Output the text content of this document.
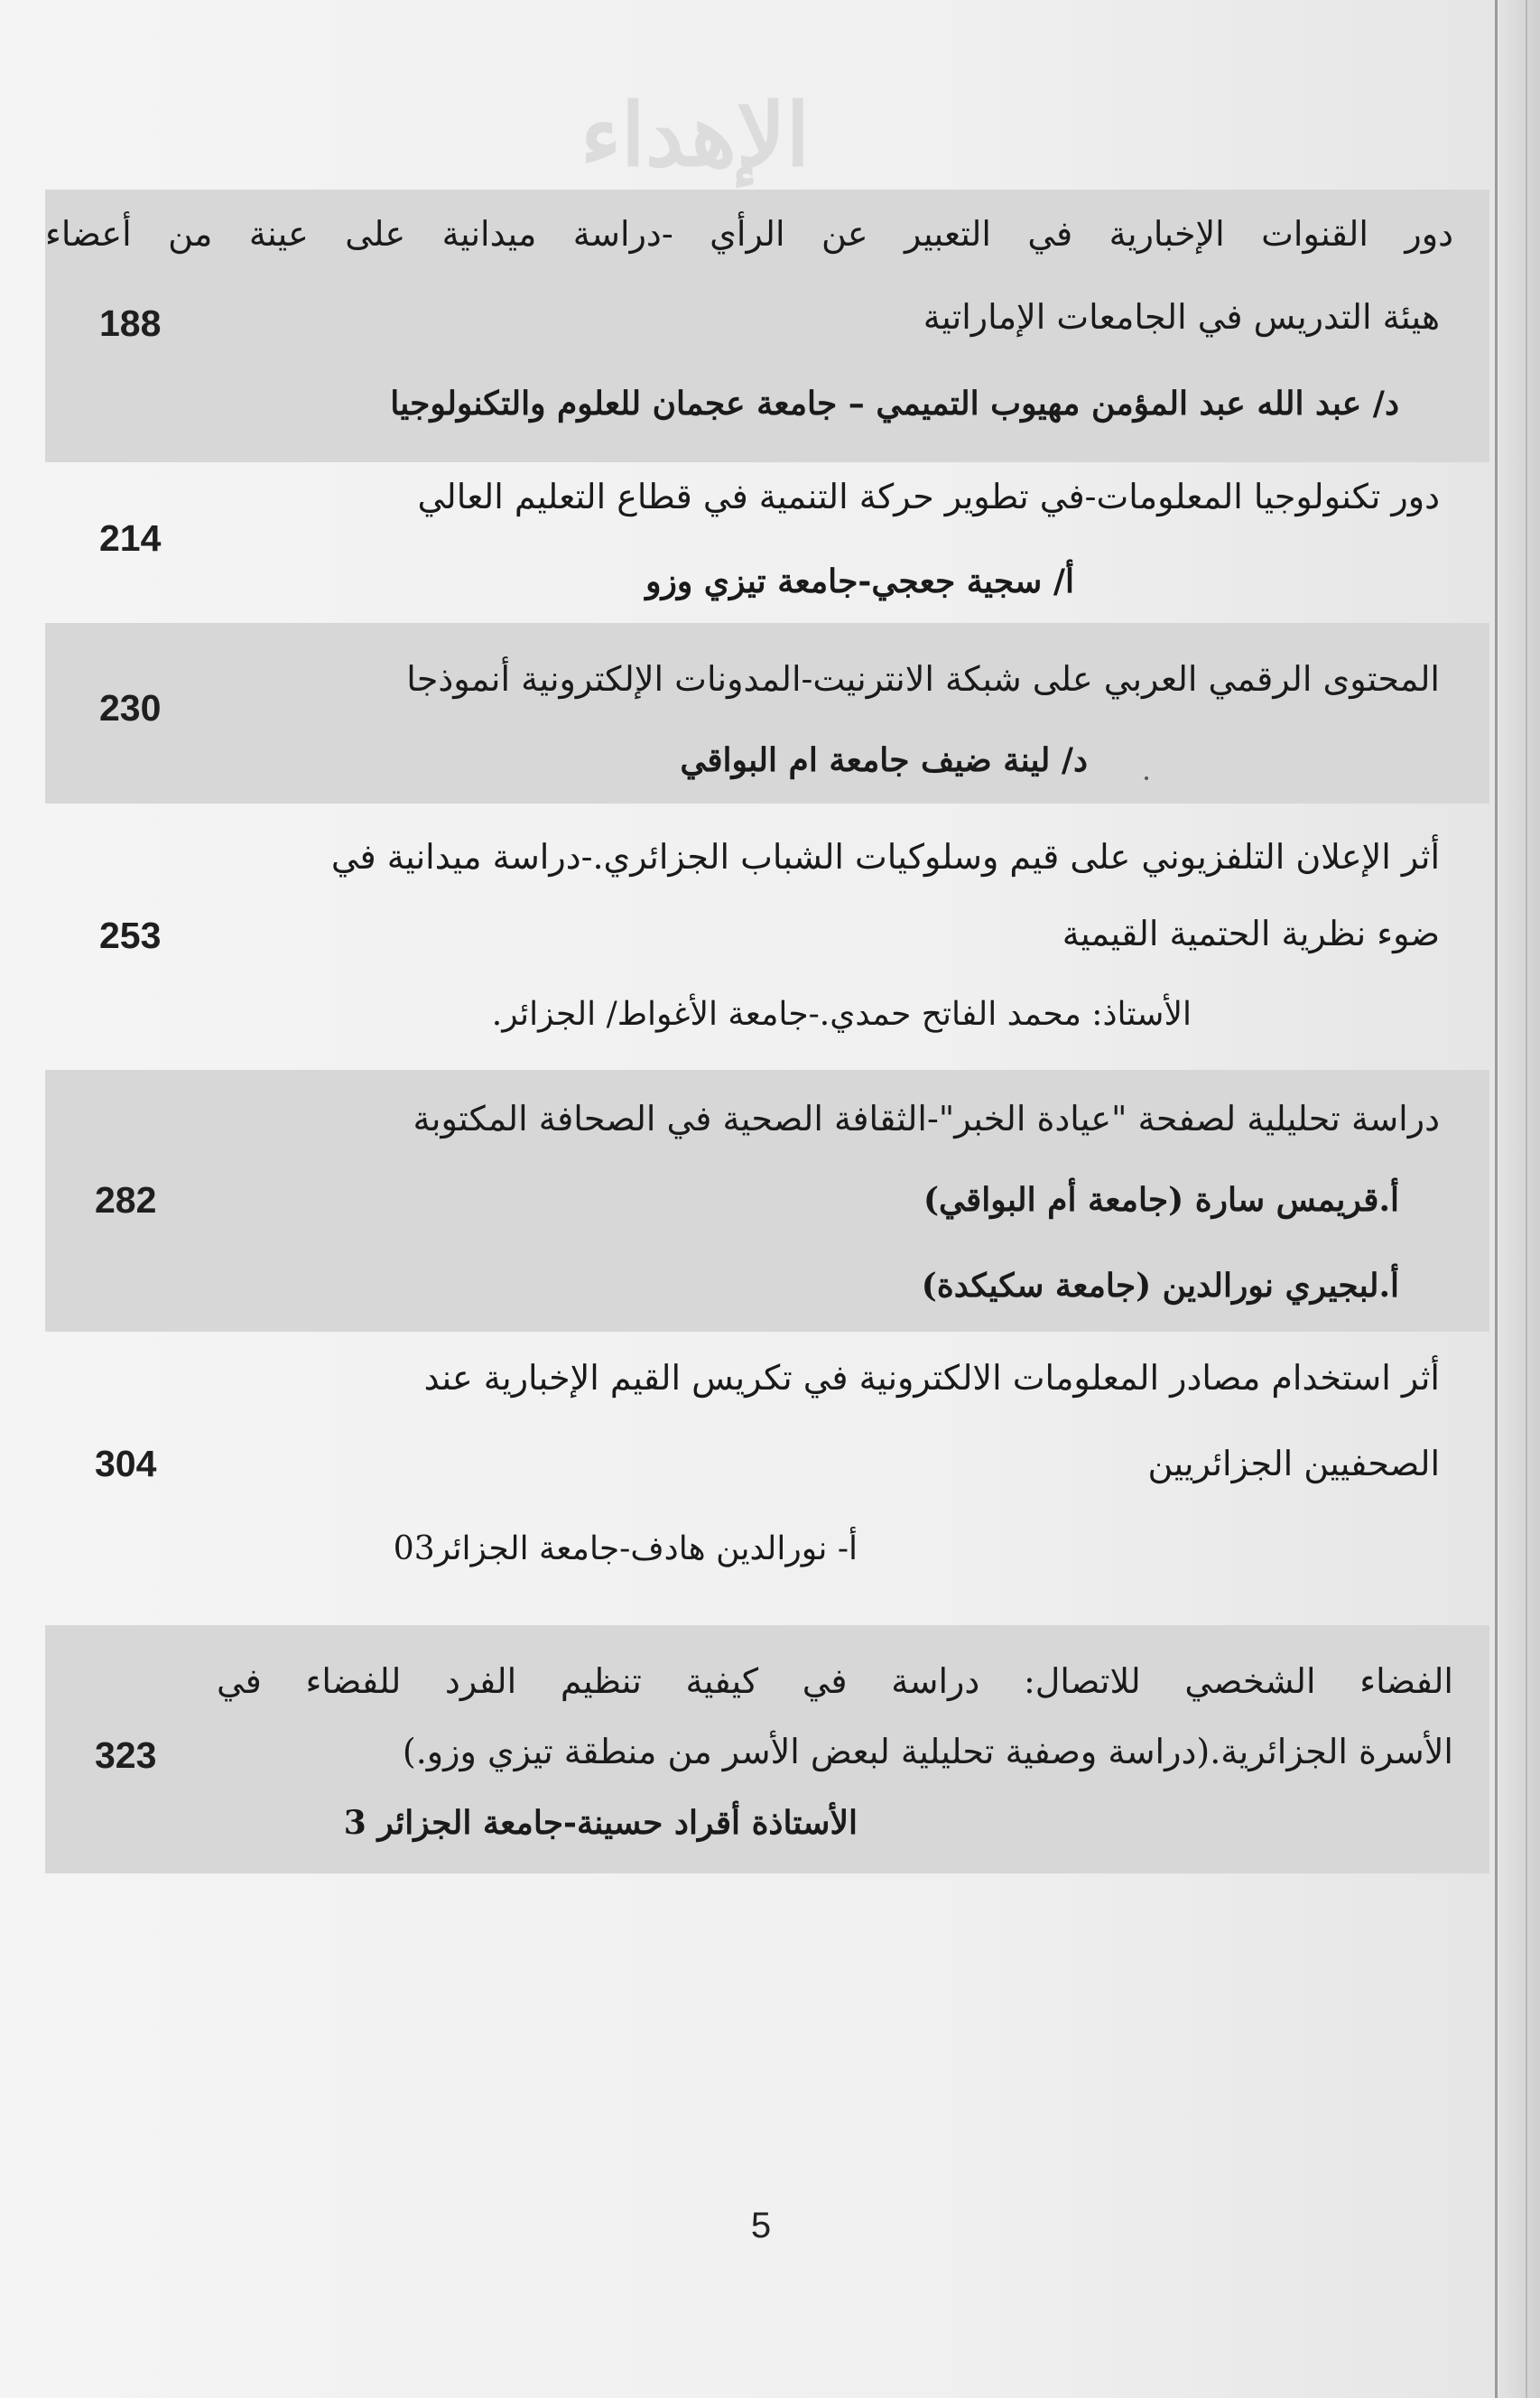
الإهداء
دور القنوات الإخبارية في التعبير عن الرأي -دراسة ميدانية على عينة من أعضاء
هيئة التدريس في الجامعات الإماراتية
188
د/ عبد الله عبد المؤمن مهيوب التميمي – جامعة عجمان للعلوم والتكنولوجيا
دور تكنولوجيا المعلومات-في تطوير حركة التنمية في قطاع التعليم العالي
214
أ/ سجية جعجي-جامعة تيزي وزو
المحتوى الرقمي العربي على شبكة الانترنيت-المدونات الإلكترونية أنموذجا
230
د/ لينة ضيف جامعة ام البواقي
أثر الإعلان التلفزيوني على قيم وسلوكيات الشباب الجزائري.-دراسة ميدانية في
ضوء نظرية الحتمية القيمية
253
الأستاذ: محمد الفاتح حمدي.-جامعة الأغواط/ الجزائر.
دراسة تحليلية لصفحة "عيادة الخبر"-الثقافة الصحية في الصحافة المكتوبة
282	أ.قريمس سارة (جامعة أم البواقي)
أ.لبجيري نورالدين (جامعة سكيكدة)
أثر استخدام مصادر المعلومات الالكترونية في تكريس القيم الإخبارية عند
الصحفيين الجزائريين
304
أ- نورالدين هادف-جامعة الجزائر03
الفضاء الشخصي للاتصال: دراسة في كيفية تنظيم الفرد للفضاء في
الأسرة الجزائرية.(دراسة وصفية تحليلية لبعض الأسر من منطقة تيزي وزو.)
323
الأستاذة أقراد حسينة-جامعة الجزائر 3
5
